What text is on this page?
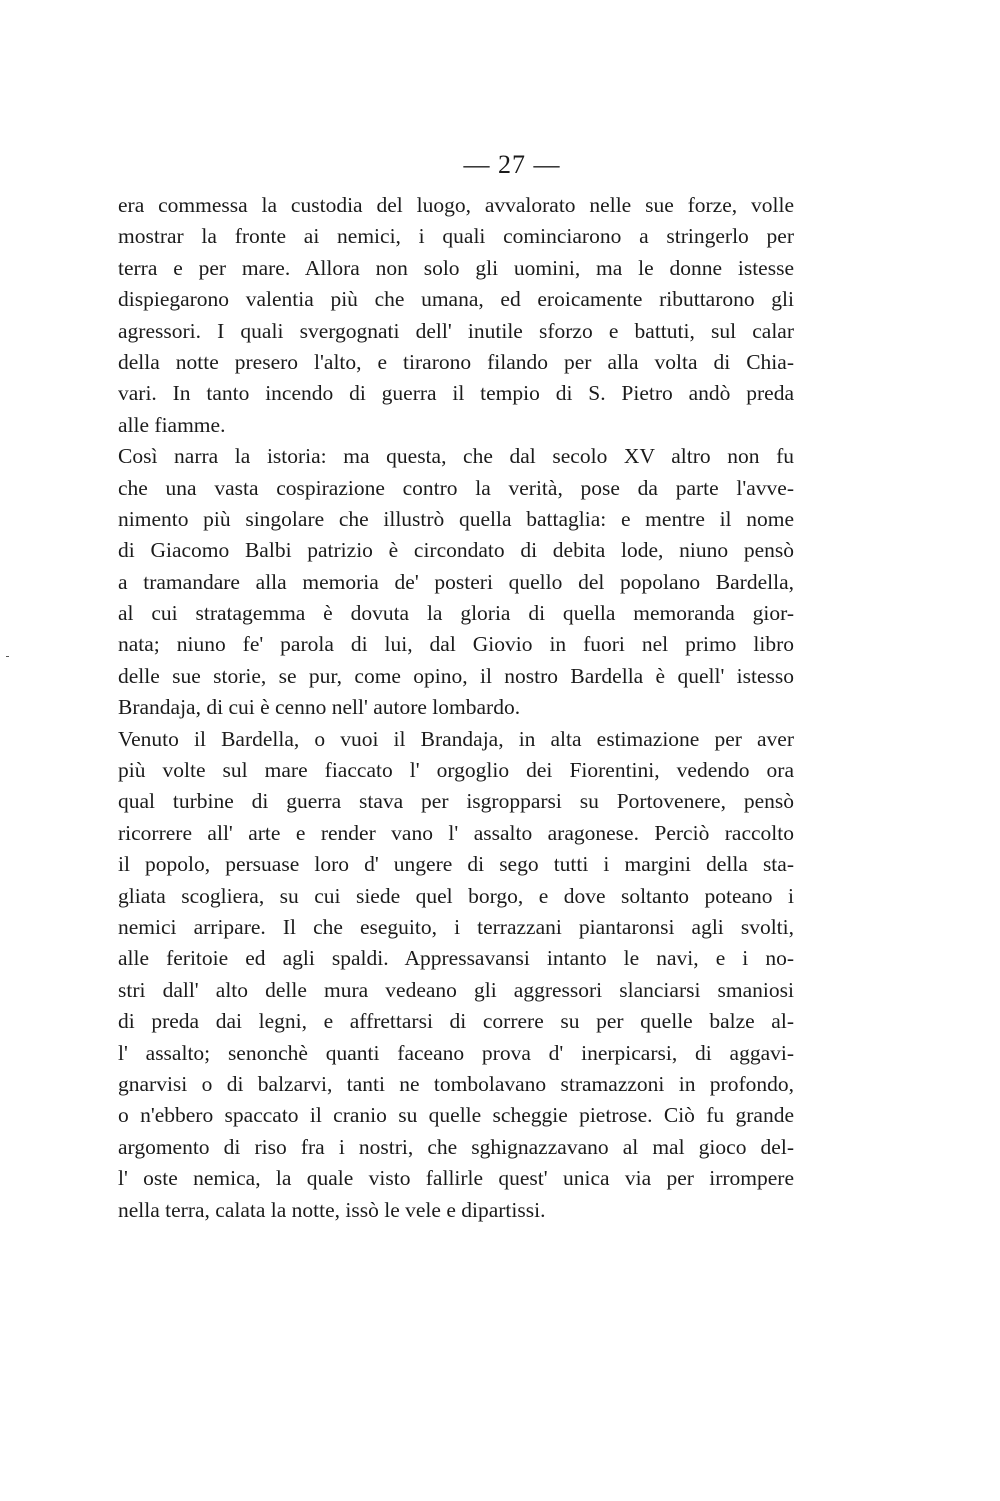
— 27 —
era commessa la custodia del luogo, avvalorato nelle sue forze, volle
mostrar la fronte ai nemici, i quali cominciarono a stringerlo per
terra e per mare. Allora non solo gli uomini, ma le donne istesse
dispiegarono valentia più che umana, ed eroicamente ributtarono gli
agressori. I quali svergognati dell' inutile sforzo e battuti, sul calar
della notte presero l'alto, e tirarono filando per alla volta di Chia-
vari. In tanto incendo di guerra il tempio di S. Pietro andò preda
alle fiamme.
Così narra la istoria: ma questa, che dal secolo XV altro non fu
che una vasta cospirazione contro la verità, pose da parte l'avve-
nimento più singolare che illustrò quella battaglia: e mentre il nome
di Giacomo Balbi patrizio è circondato di debita lode, niuno pensò
a tramandare alla memoria de' posteri quello del popolano Bardella,
al cui stratagemma è dovuta la gloria di quella memoranda gior-
nata; niuno fe' parola di lui, dal Giovio in fuori nel primo libro
delle sue storie, se pur, come opino, il nostro Bardella è quell' istesso
Brandaja, di cui è cenno nell' autore lombardo.
Venuto il Bardella, o vuoi il Brandaja, in alta estimazione per aver
più volte sul mare fiaccato l' orgoglio dei Fiorentini, vedendo ora
qual turbine di guerra stava per isgropparsi su Portovenere, pensò
ricorrere all' arte e render vano l' assalto aragonese. Perciò raccolto
il popolo, persuase loro d' ungere di sego tutti i margini della sta-
gliata scogliera, su cui siede quel borgo, e dove soltanto poteano i
nemici arripare. Il che eseguito, i terrazzani piantaronsi agli svolti,
alle feritoie ed agli spaldi. Appressavansi intanto le navi, e i no-
stri dall' alto delle mura vedeano gli aggressori slanciarsi smaniosi
di preda dai legni, e affrettarsi di correre su per quelle balze al-
l' assalto; senonchè quanti faceano prova d' inerpicarsi, di aggavi-
gnarvisi o di balzarvi, tanti ne tombolavano stramazzoni in profondo,
o n'ebbero spaccato il cranio su quelle scheggie pietrose. Ciò fu grande
argomento di riso fra i nostri, che sghignazzavano al mal gioco del-
l' oste nemica, la quale visto fallirle quest' unica via per irrompere
nella terra, calata la notte, issò le vele e dipartissi.
